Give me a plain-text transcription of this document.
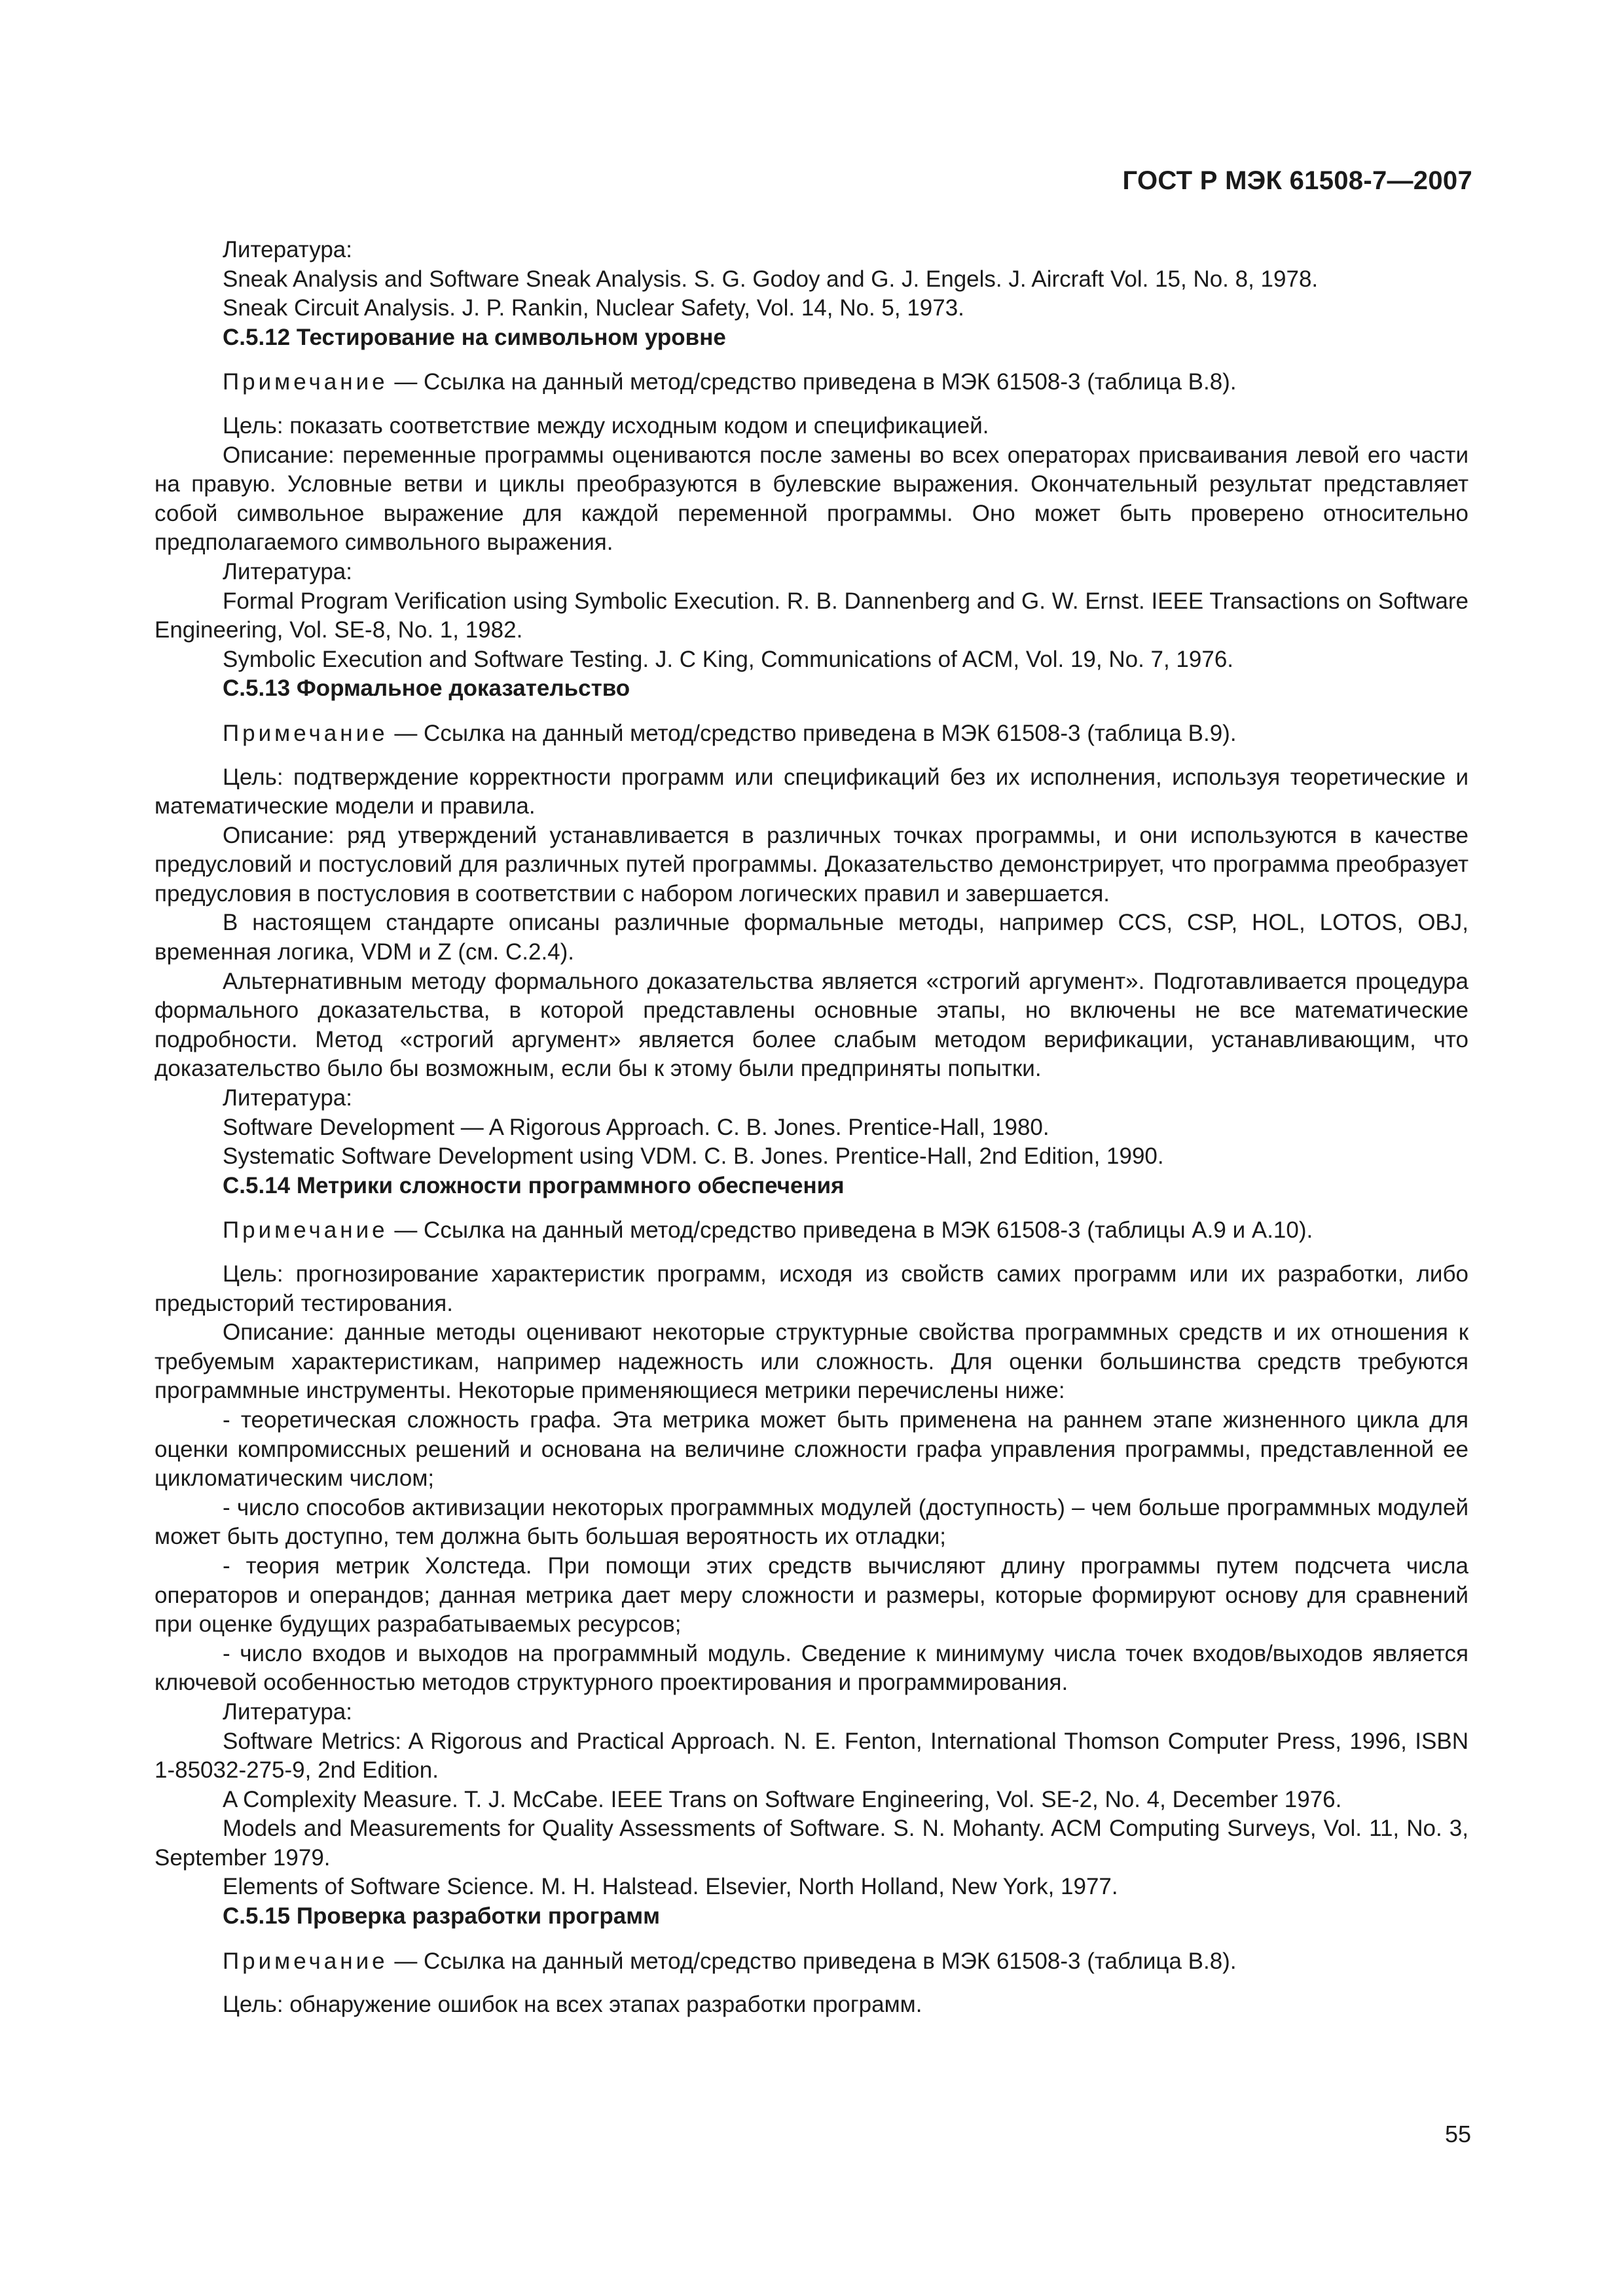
ГОСТ Р МЭК 61508-7—2007

Литература:

Sneak Analysis and Software Sneak Analysis. S. G. Godoy and G. J. Engels. J. Aircraft Vol. 15, No. 8, 1978.

Sneak Circuit Analysis. J. P. Rankin, Nuclear Safety, Vol. 14, No. 5, 1973.

С.5.12 Тестирование на символьном уровне

Примечание — Ссылка на данный метод/средство приведена в МЭК 61508-3 (таблица В.8).

Цель: показать соответствие между исходным кодом и спецификацией.

Описание: переменные программы оцениваются после замены во всех операторах присваивания левой его части на правую. Условные ветви и циклы преобразуются в булевские выражения. Окончательный результат представляет собой символьное выражение для каждой переменной программы. Оно может быть проверено относительно предполагаемого символьного выражения.

Литература:

Formal Program Verification using Symbolic Execution. R. B. Dannenberg and G. W. Ernst. IEEE Transactions on Software Engineering, Vol. SE-8, No. 1, 1982.

Symbolic Execution and Software Testing. J. C King, Communications of ACM, Vol. 19, No. 7, 1976.

С.5.13 Формальное доказательство

Примечание — Ссылка на данный метод/средство приведена в МЭК 61508-3 (таблица В.9).

Цель: подтверждение корректности программ или спецификаций без их исполнения, используя теоретические и математические модели и правила.

Описание: ряд утверждений устанавливается в различных точках программы, и они используются в качестве предусловий и постусловий для различных путей программы. Доказательство демонстрирует, что программа преобразует предусловия в постусловия в соответствии с набором логических правил и завершается.

В настоящем стандарте описаны различные формальные методы, например CCS, CSP, HOL, LOTOS, OBJ, временная логика, VDM и Z (см. С.2.4).

Альтернативным методу формального доказательства является «строгий аргумент». Подготавливается процедура формального доказательства, в которой представлены основные этапы, но включены не все математические подробности. Метод «строгий аргумент» является более слабым методом верификации, устанавливающим, что доказательство было бы возможным, если бы к этому были предприняты попытки.

Литература:

Software Development — A Rigorous Approach. C. B. Jones. Prentice-Hall, 1980.

Systematic Software Development using VDM. C. B. Jones. Prentice-Hall, 2nd Edition, 1990.

С.5.14 Метрики сложности программного обеспечения

Примечание — Ссылка на данный метод/средство приведена в МЭК 61508-3 (таблицы А.9 и А.10).

Цель: прогнозирование характеристик программ, исходя из свойств самих программ или их разработки, либо предысторий тестирования.

Описание: данные методы оценивают некоторые структурные свойства программных средств и их отношения к требуемым характеристикам, например надежность или сложность. Для оценки большинства средств требуются программные инструменты. Некоторые применяющиеся метрики перечислены ниже:

- теоретическая сложность графа. Эта метрика может быть применена на раннем этапе жизненного цикла для оценки компромиссных решений и основана на величине сложности графа управления программы, представленной ее цикломатическим числом;

- число способов активизации некоторых программных модулей (доступность) – чем больше программных модулей может быть доступно, тем должна быть большая вероятность их отладки;

- теория метрик Холстеда. При помощи этих средств вычисляют длину программы путем подсчета числа операторов и операндов; данная метрика дает меру сложности и размеры, которые формируют основу для сравнений при оценке будущих разрабатываемых ресурсов;

- число входов и выходов на программный модуль. Сведение к минимуму числа точек входов/выходов является ключевой особенностью методов структурного проектирования и программирования.

Литература:

Software Metrics: A Rigorous and Practical Approach. N. E. Fenton, International Thomson Computer Press, 1996, ISBN 1-85032-275-9, 2nd Edition.

A Complexity Measure. T. J. McCabe. IEEE Trans on Software Engineering, Vol. SE-2, No. 4, December 1976.

Models and Measurements for Quality Assessments of Software. S. N. Mohanty. ACM Computing Surveys, Vol. 11, No. 3, September 1979.

Elements of Software Science. M. H. Halstead. Elsevier, North Holland, New York, 1977.

С.5.15 Проверка разработки программ

Примечание — Ссылка на данный метод/средство приведена в МЭК 61508-3 (таблица В.8).

Цель: обнаружение ошибок на всех этапах разработки программ.

55
